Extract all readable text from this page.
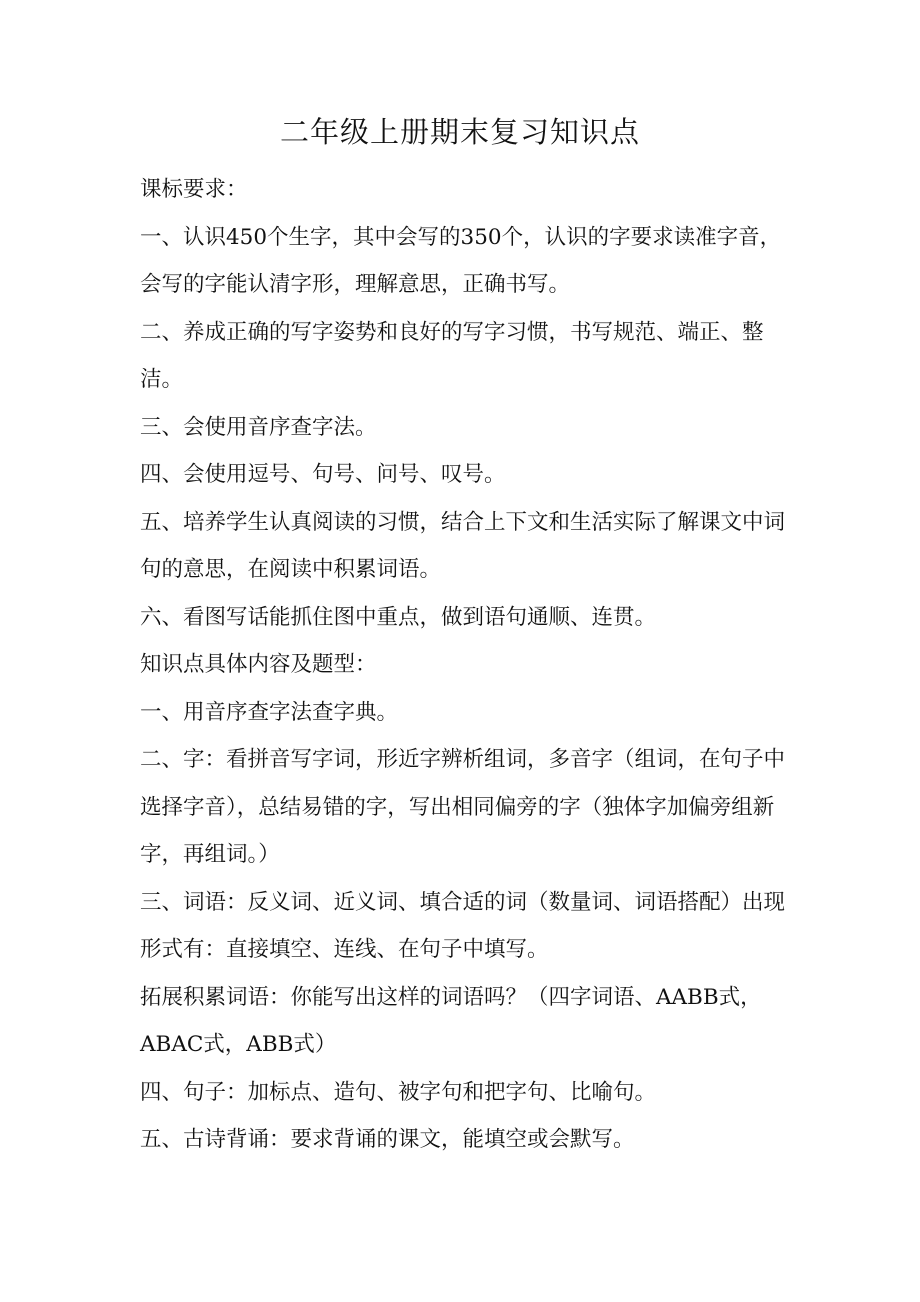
二年级上册期末复习知识点

课标要求：

一、认识450个生字，其中会写的350个，认识的字要求读准字音，会写的字能认清字形，理解意思，正确书写。

二、养成正确的写字姿势和良好的写字习惯，书写规范、端正、整洁。

三、会使用音序查字法。

四、会使用逗号、句号、问号、叹号。

五、培养学生认真阅读的习惯，结合上下文和生活实际了解课文中词句的意思，在阅读中积累词语。

六、看图写话能抓住图中重点，做到语句通顺、连贯。

知识点具体内容及题型：

一、用音序查字法查字典。

二、字：看拼音写字词，形近字辨析组词，多音字（组词，在句子中选择字音），总结易错的字，写出相同偏旁的字（独体字加偏旁组新字，再组词。）

三、词语：反义词、近义词、填合适的词（数量词、词语搭配）出现形式有：直接填空、连线、在句子中填写。

拓展积累词语：你能写出这样的词语吗？（四字词语、AABB式，ABAC式，ABB式）

四、句子：加标点、造句、被字句和把字句、比喻句。

五、古诗背诵：要求背诵的课文，能填空或会默写。
